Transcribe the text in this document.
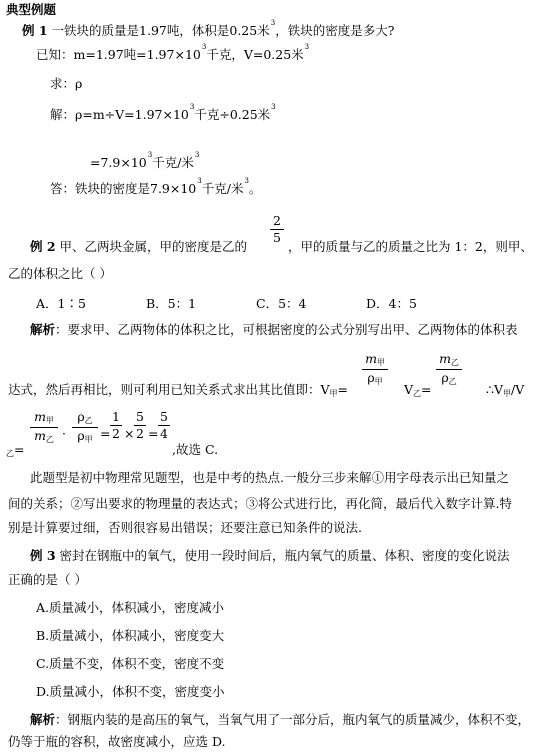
典型例题
例 1 一铁块的质量是1.97吨，体积是0.25米$^3$，铁块的密度是多大?
已知：m=1.97吨$=1.97\times 10^3$千克，V=0.25米$^3$
求：ρ
解：$\rho=m\div V=1.97\times 10^3$千克÷0.25米$^3$
$=7.9\times 10^3$千克/米$^3$
答：铁块的密度是$7.9\times 10^3$千克/米$^3$。
例 2 甲、乙两块金属，甲的密度是乙的
2
5
，甲的质量与乙的质量之比为 1：2，则甲、
乙的体积之比（ ）
A．1∶5	B．5：1	C．5：4	D．4：5
解析：要求甲、乙两物体的体积之比，可根据密度的公式分别写出甲、乙两物体的体积表
达式，然后再相比，则可利用已知关系式求出其比值即：V甲=
m甲
ρ甲
V乙=
m乙
ρ乙
∴V甲/V
乙=
m甲
m乙 ·
ρ乙
ρ甲 =
1
2 ×
5
2 =
5
4
,故选 C.
此题型是初中物理常见题型，也是中考的热点.一般分三步来解①用字母表示出已知量之
间的关系；②写出要求的物理量的表达式；③将公式进行比，再化简，最后代入数字计算.特
别是计算要过细，否则很容易出错误；还要注意已知条件的说法.
例 3 密封在钢瓶中的氧气，使用一段时间后，瓶内氧气的质量、体积、密度的变化说法
正确的是（ ）
A.质量减小，体积减小，密度减小
B.质量减小，体积减小，密度变大
C.质量不变，体积不变，密度不变
D.质量减小，体积不变，密度变小
解析：钢瓶内装的是高压的氧气，当氧气用了一部分后，瓶内氧气的质量减少，体积不变，
仍等于瓶的容积，故密度减小，应选 D.
